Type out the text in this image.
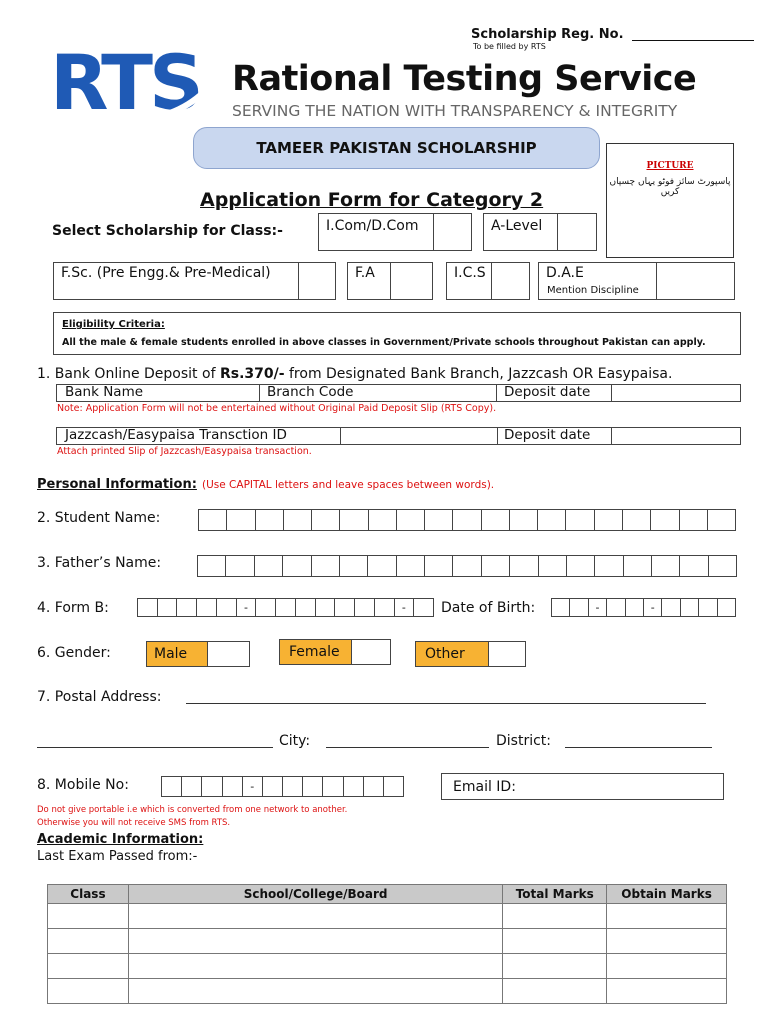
Scholarship Reg. No.
To be filled by RTS
RTS Rational Testing Service
SERVING THE NATION WITH TRANSPARENCY & INTEGRITY
TAMEER PAKISTAN SCHOLARSHIP
PICTURE
پاسپورٹ سائز فوٹو یہاں چسپاں کریں
Application Form for Category 2
Select Scholarship for Class:-	I.Com/D.Com	A-Level
F.Sc. (Pre Engg.& Pre-Medical)	F.A	I.C.S	D.A.E
Mention Discipline
Eligibility Criteria:
All the male & female students enrolled in above classes in Government/Private schools throughout Pakistan can apply.
1. Bank Online Deposit of Rs.370/- from Designated Bank Branch, Jazzcash OR Easypaisa.
Bank Name	Branch Code	Deposit date
Note: Application Form will not be entertained without Original Paid Deposit Slip (RTS Copy).
Jazzcash/Easypaisa Transction ID	Deposit date
Attach printed Slip of Jazzcash/Easypaisa transaction.
Personal Information: (Use CAPITAL letters and leave spaces between words).
2. Student Name:
3. Father’s Name:
4. Form B:	-	-	Date of Birth:	-	-
6. Gender:	Male	Female	Other
7. Postal Address:
City:	District:
8. Mobile No:	-	Email ID:
Do not give portable i.e which is converted from one network to another.
Otherwise you will not receive SMS from RTS.
Academic Information:
Last Exam Passed from:-
Class	School/College/Board	Total Marks	Obtain Marks
